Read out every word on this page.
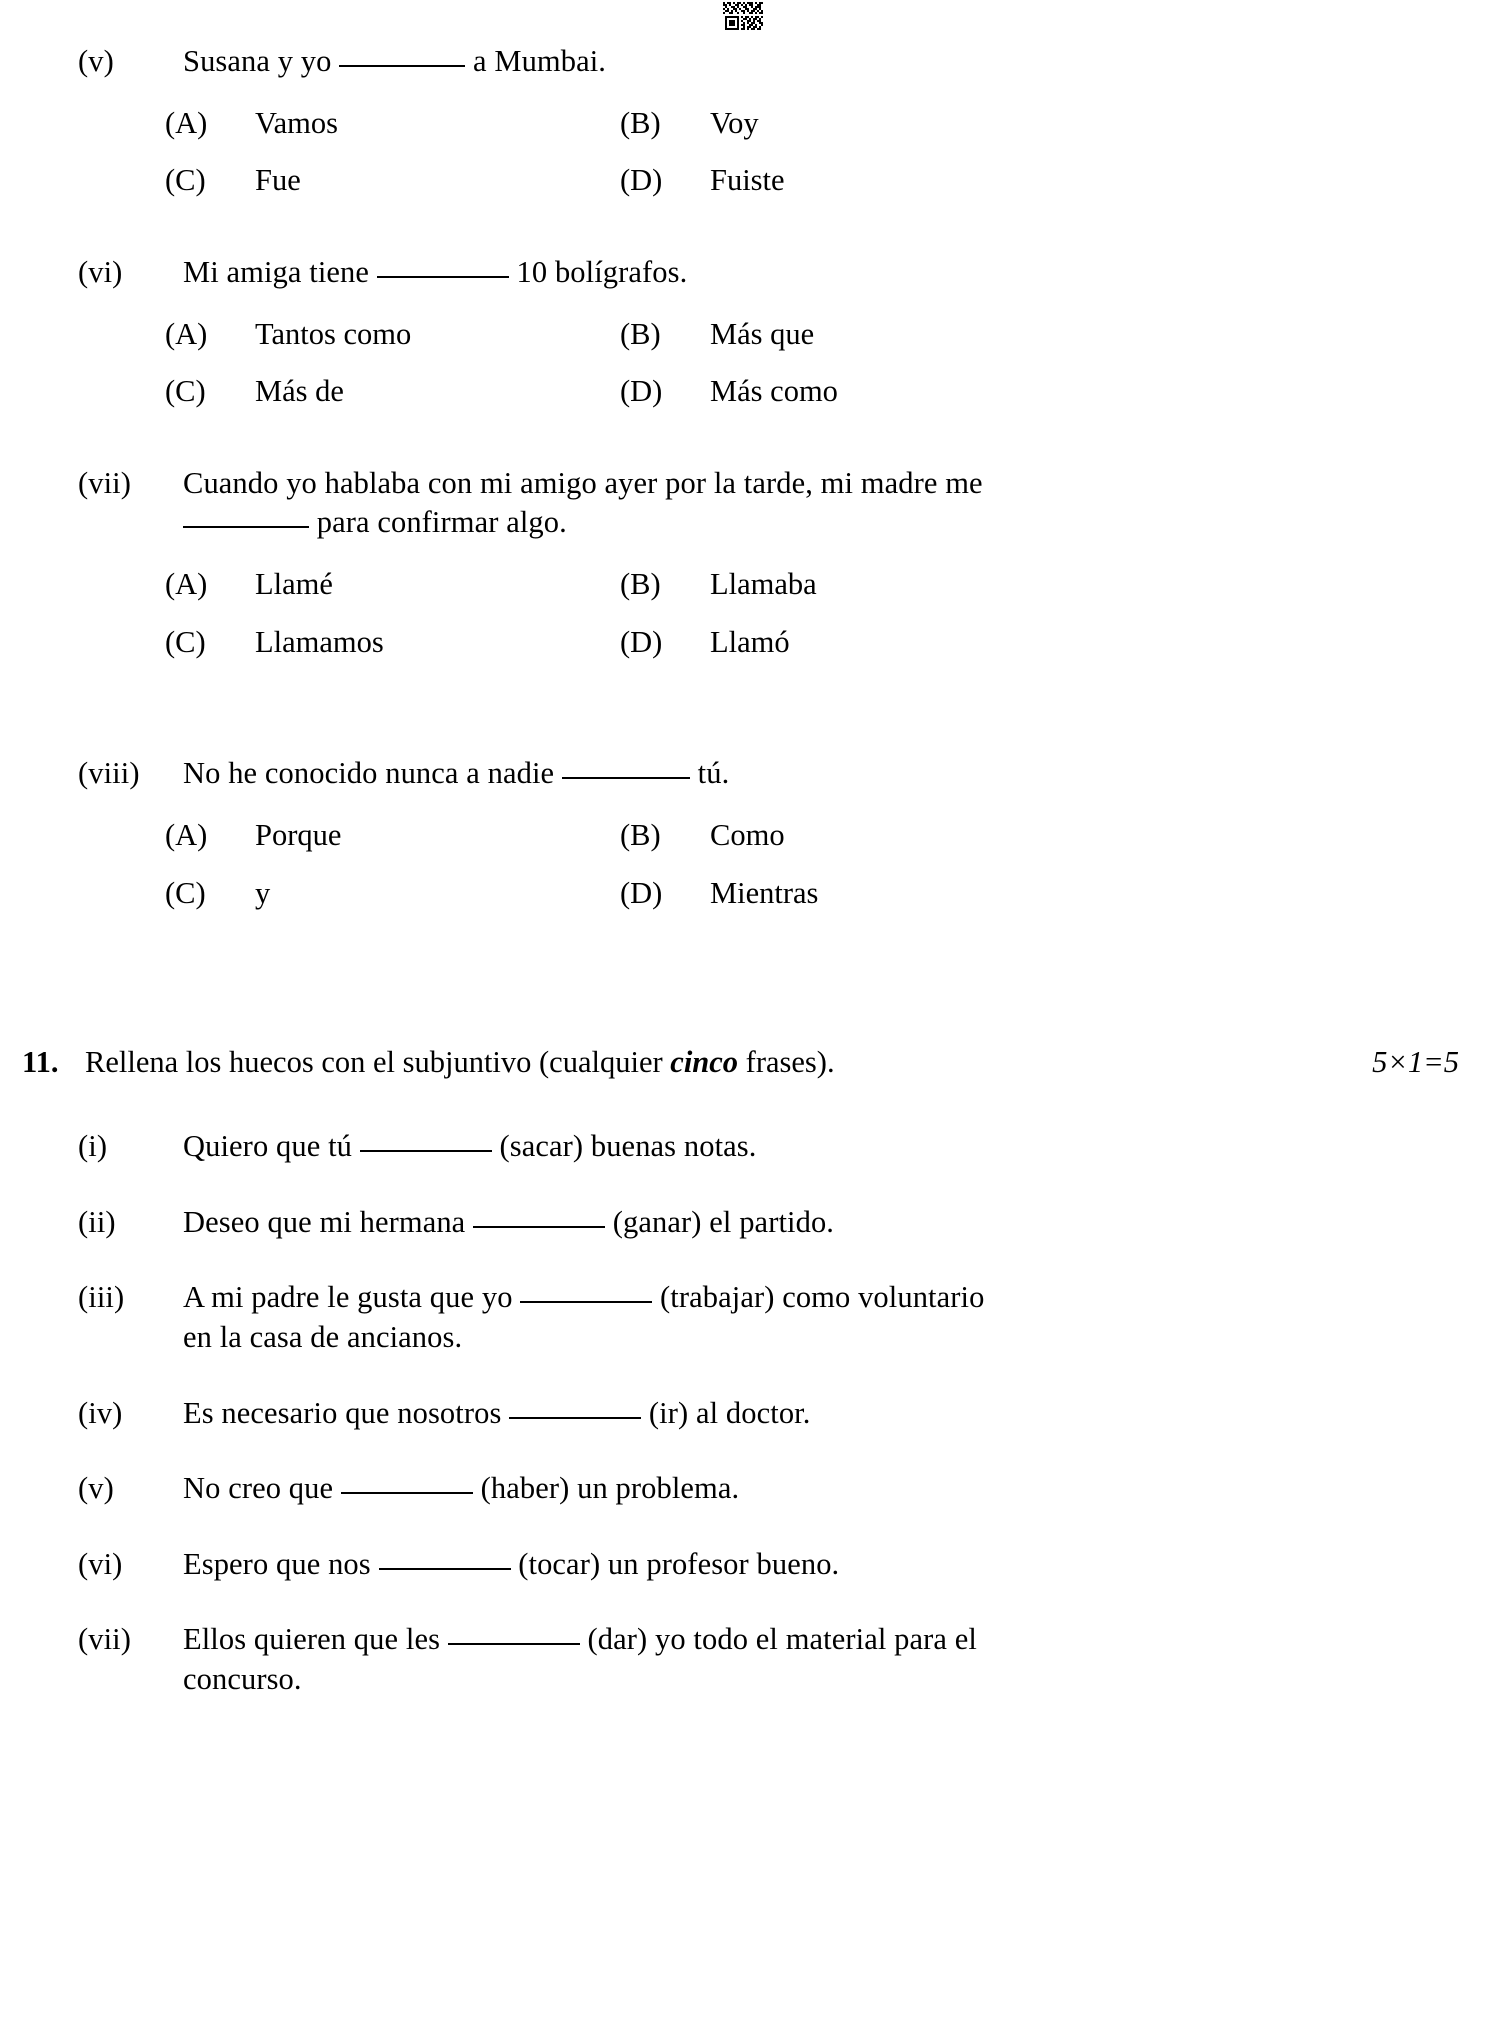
(v)	Susana y yo	a Mumbai.
(A)	Vamos	(B)	Voy
(C)	Fue	(D)	Fuiste
(vi)	Mi amiga tiene	10 bolígrafos.
(A)	Tantos como	(B)	Más que
(C)	Más de	(D)	Más como
(vii)	Cuando yo hablaba con mi amigo ayer por la tarde, mi madre me
para confirmar algo.
(A)	Llamé	(B)	Llamaba
(C)	Llamamos	(D)	Llamó
(viii)	No he conocido nunca a nadie	tú.
(A)	Porque	(B)	Como
(C)	y	(D)	Mientras
11. Rellena los huecos con el subjuntivo (cualquier cinco frases).	5×1=5
(i)	Quiero que tú	(sacar) buenas notas.
(ii)	Deseo que mi hermana	(ganar) el partido.
(iii)	A mi padre le gusta que yo	(trabajar) como voluntario
en la casa de ancianos.
(iv)	Es necesario que nosotros	(ir) al doctor.
(v)	No creo que	(haber) un problema.
(vi)	Espero que nos	(tocar) un profesor bueno.
(vii)	Ellos quieren que les	(dar) yo todo el material para el
concurso.
